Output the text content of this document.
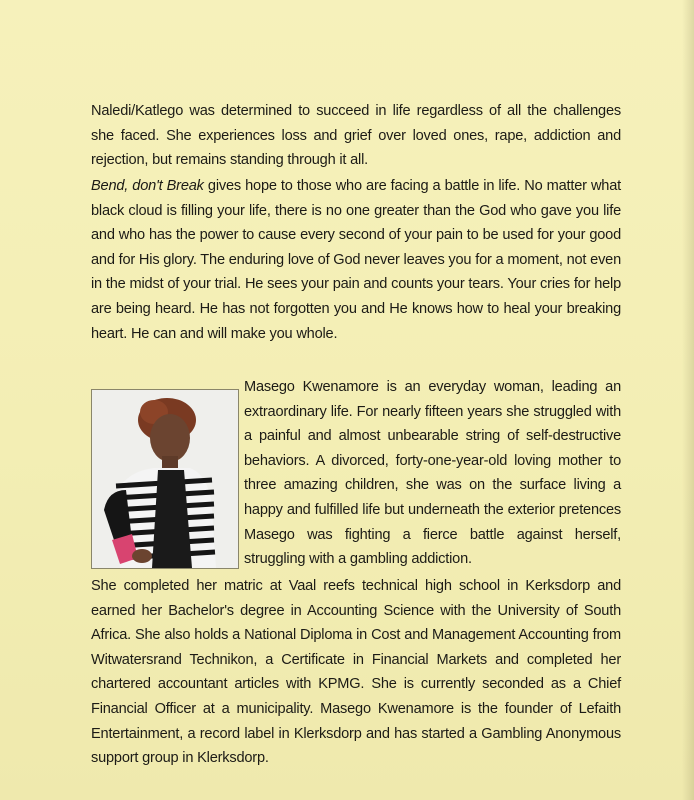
Naledi/Katlego was determined to succeed in life regardless of all the challenges she faced. She experiences loss and grief over loved ones, rape, addiction and rejection, but remains standing through it all.

Bend, don't Break gives hope to those who are facing a battle in life. No matter what black cloud is filling your life, there is no one greater than the God who gave you life and who has the power to cause every second of your pain to be used for your good and for His glory. The enduring love of God never leaves you for a moment, not even in the midst of your trial. He sees your pain and counts your tears. Your cries for help are being heard. He has not forgotten you and He knows how to heal your breaking heart. He can and will make you whole.

Masego Kwenamore is an everyday woman, leading an extraordinary life. For nearly fifteen years she struggled with a painful and almost unbearable string of self-destructive behaviors. A divorced, forty-one-year-old loving mother to three amazing children, she was on the surface living a happy and fulfilled life but underneath the exterior pretences Masego was fighting a fierce battle against herself, struggling with a gambling addiction.

She completed her matric at Vaal reefs technical high school in Kerksdorp and earned her Bachelor's degree in Accounting Science with the University of South Africa. She also holds a National Diploma in Cost and Management Accounting from Witwatersrand Technikon, a Certificate in Financial Markets and completed her chartered accountant articles with KPMG. She is currently seconded as a Chief Financial Officer at a municipality. Masego Kwenamore is the founder of Lefaith Entertainment, a record label in Klerksdorp and has started a Gambling Anonymous support group in Klerksdorp.
